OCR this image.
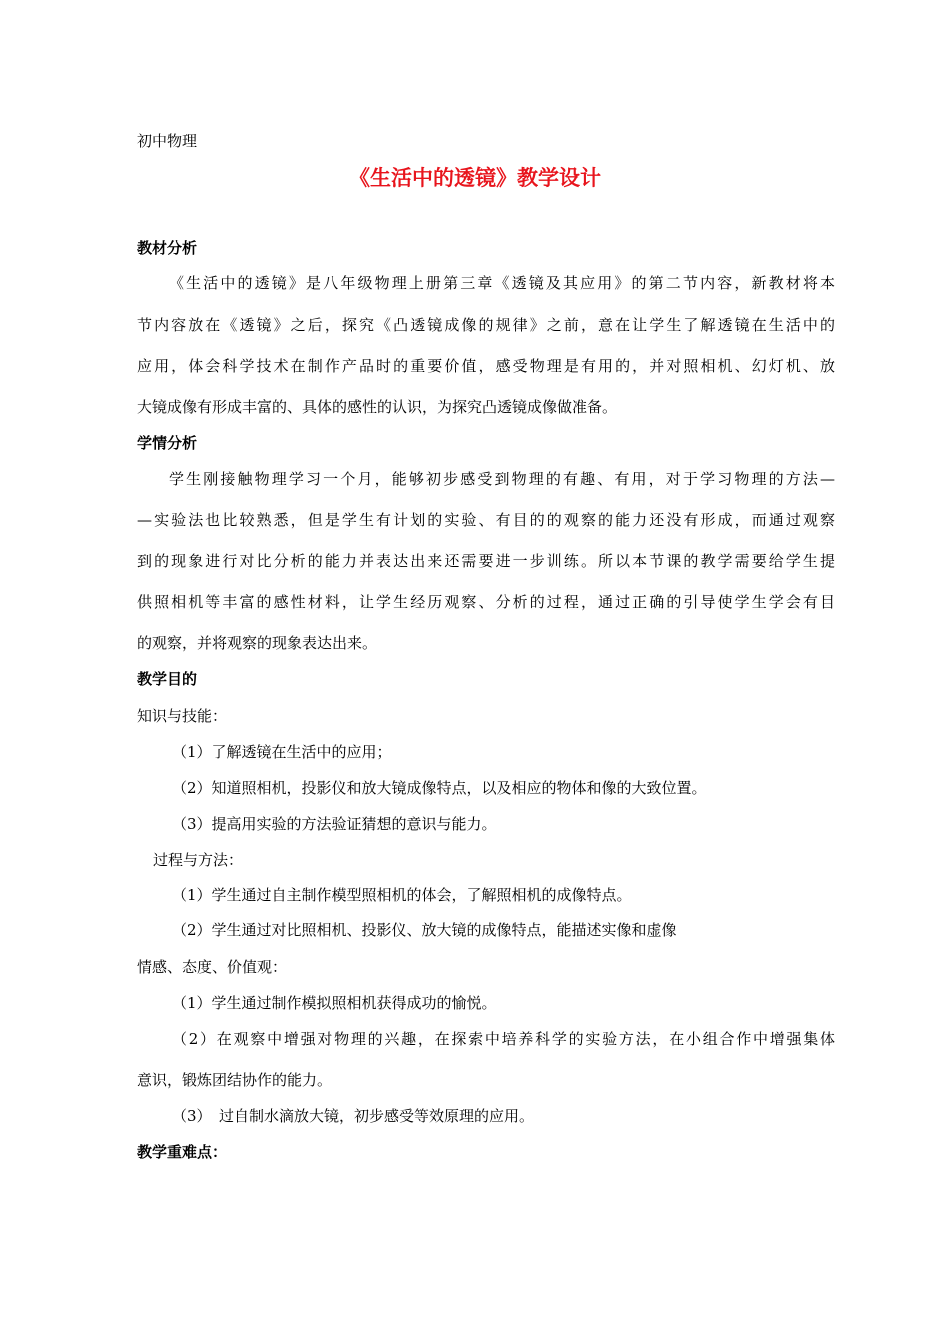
初中物理
《生活中的透镜》教学设计
教材分析
《生活中的透镜》是八年级物理上册第三章《透镜及其应用》的第二节内容，新教材将本
节内容放在《透镜》之后，探究《凸透镜成像的规律》之前，意在让学生了解透镜在生活中的
应用，体会科学技术在制作产品时的重要价值，感受物理是有用的，并对照相机、幻灯机、放
大镜成像有形成丰富的、具体的感性的认识，为探究凸透镜成像做准备。
学情分析
学生刚接触物理学习一个月，能够初步感受到物理的有趣、有用，对于学习物理的方法—
—实验法也比较熟悉，但是学生有计划的实验、有目的的观察的能力还没有形成，而通过观察
到的现象进行对比分析的能力并表达出来还需要进一步训练。所以本节课的教学需要给学生提
供照相机等丰富的感性材料，让学生经历观察、分析的过程，通过正确的引导使学生学会有目
的观察，并将观察的现象表达出来。
教学目的
知识与技能：
（1）了解透镜在生活中的应用；
（2）知道照相机，投影仪和放大镜成像特点，以及相应的物体和像的大致位置。
（3）提高用实验的方法验证猜想的意识与能力。
过程与方法：
（1）学生通过自主制作模型照相机的体会，了解照相机的成像特点。
（2）学生通过对比照相机、投影仪、放大镜的成像特点，能描述实像和虚像
情感、态度、价值观：
（1）学生通过制作模拟照相机获得成功的愉悦。
（2）在观察中增强对物理的兴趣，在探索中培养科学的实验方法，在小组合作中增强集体
意识，锻炼团结协作的能力。
（3）　过自制水滴放大镜，初步感受等效原理的应用。
教学重难点：
